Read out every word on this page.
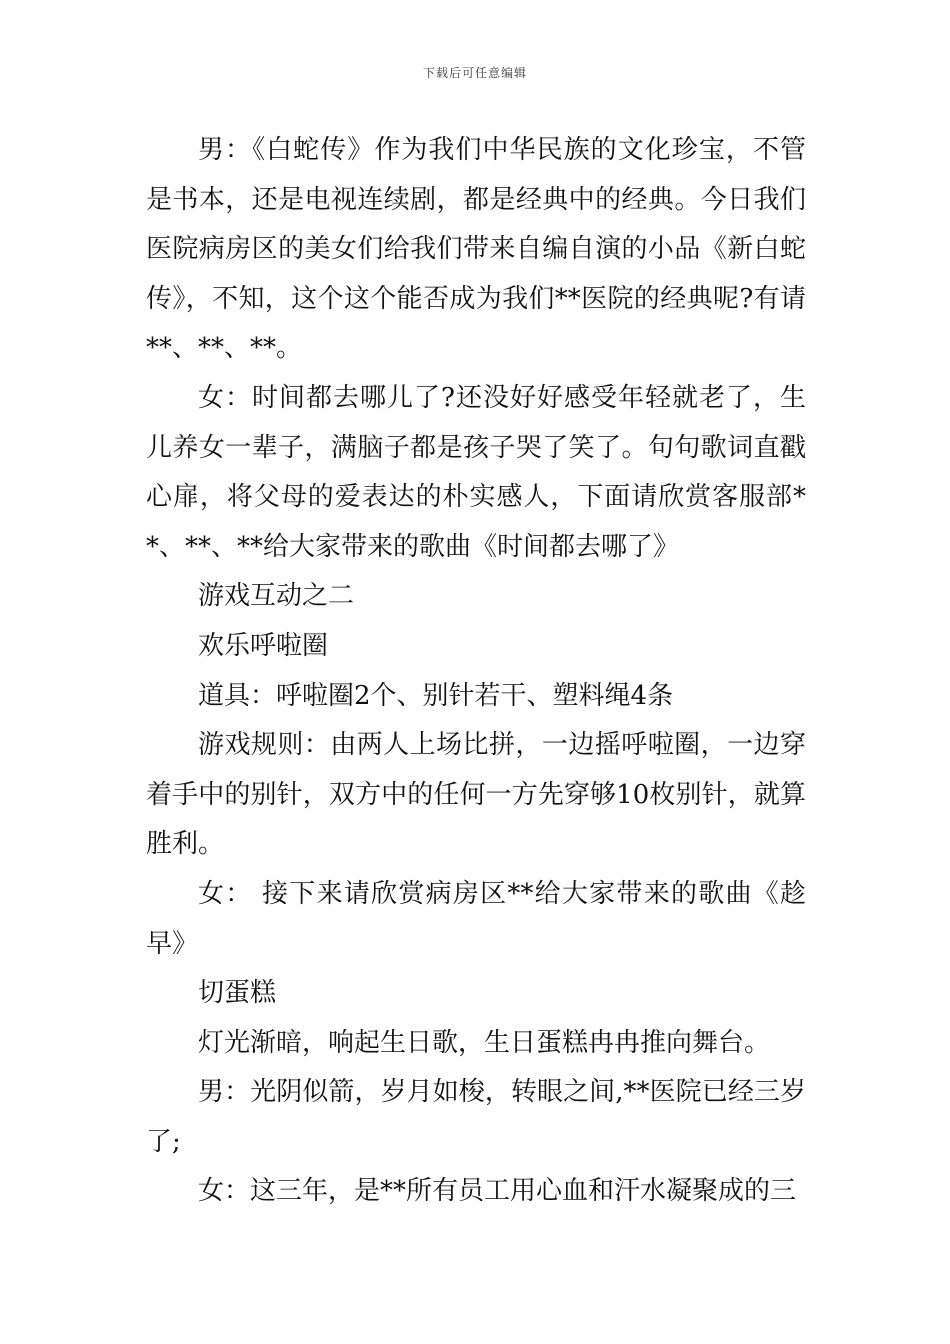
下载后可任意编辑

男：《白蛇传》作为我们中华民族的文化珍宝，不管是书本，还是电视连续剧，都是经典中的经典。今日我们医院病房区的美女们给我们带来自编自演的小品《新白蛇传》，不知，这个这个能否成为我们**医院的经典呢?有请**、**、**。

女：时间都去哪儿了?还没好好感受年轻就老了，生儿养女一辈子，满脑子都是孩子哭了笑了。句句歌词直戳心扉，将父母的爱表达的朴实感人，下面请欣赏客服部**、**、**给大家带来的歌曲《时间都去哪了》

游戏互动之二

欢乐呼啦圈

道具：呼啦圈2个、别针若干、塑料绳4条

游戏规则：由两人上场比拼，一边摇呼啦圈，一边穿着手中的别针，双方中的任何一方先穿够10枚别针，就算胜利。

女： 接下来请欣赏病房区**给大家带来的歌曲《趁早》

切蛋糕

灯光渐暗，响起生日歌，生日蛋糕冉冉推向舞台。

男：光阴似箭，岁月如梭，转眼之间,**医院已经三岁了;

女：这三年，是**所有员工用心血和汗水凝聚成的三
